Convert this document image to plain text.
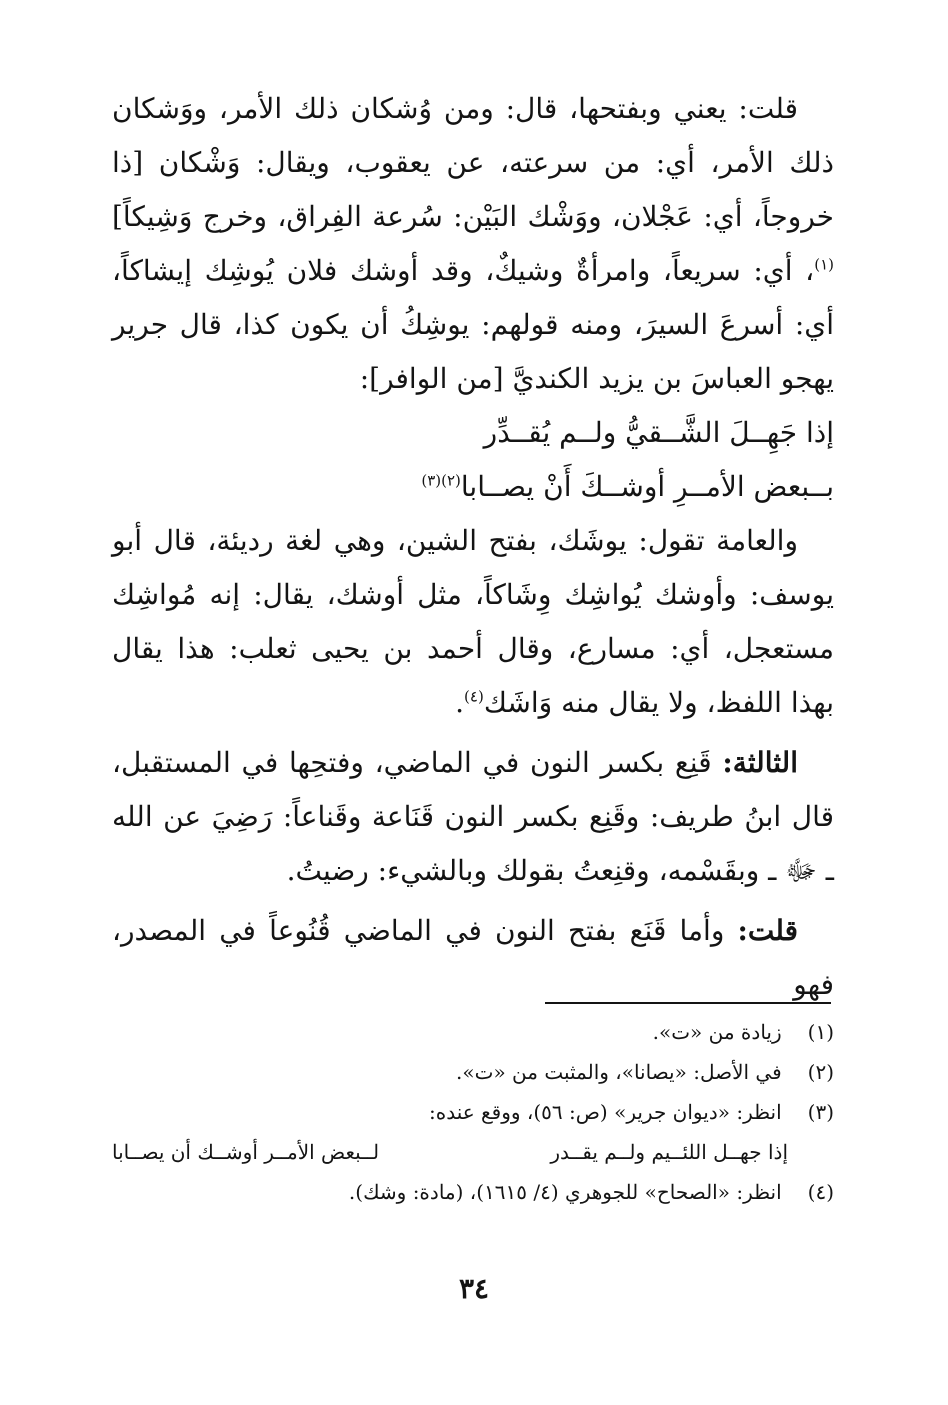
قلت: يعني وبفتحها، قال: ومن وُشكان ذلك الأمر، ووَشكان ذلك الأمر، أي: من سرعته، عن يعقوب، ويقال: وَشْكان [ذا خروجاً، أي: عَجْلان، ووَشْك البَيْن: سُرعة الفِراق، وخرج وَشِيكاً]$^{(١)}$، أي: سريعاً، وامرأةٌ وشيكٌ، وقد أوشك فلان يُوشِك إيشاكاً، أي: أسرعَ السيرَ، ومنه قولهم: يوشِكُ أن يكون كذا، قال جرير يهجو العباسَ بن يزيد الكنديَّ [من الوافر]:

إذا جَهِــلَ الشَّــقيُّ ولــم يُقــدِّر

بــبعض الأمــرِ أوشــكَ أَنْ يصــابا$^{(٢)(٣)}$

والعامة تقول: يوشَك، بفتح الشين، وهي لغة رديئة، قال أبو يوسف: وأوشك يُواشِك وِشَاكاً، مثل أوشك، يقال: إنه مُواشِك مستعجل، أي: مسارع، وقال أحمد بن يحيى ثعلب: هذا يقال بهذا اللفظ، ولا يقال منه وَاشَك$^{(٤)}$.

الثالثة: قَنِع بكسر النون في الماضي، وفتحِها في المستقبل، قال ابنُ طريف: وقَنِع بكسر النون قَنَاعة وقَناعاً: رَضِيَ عن الله ـ ﷻ ـ وبقَسْمه، وقنِعتُ بقولك وبالشيء: رضيتُ.

قلت: وأما قَنَع بفتح النون في الماضي قُنُوعاً في المصدر، فهو

(١) زيادة من «ت».
(٢) في الأصل: «يصانا»، والمثبت من «ت».
(٣) انظر: «ديوان جرير» (ص: ٥٦)، ووقع عنده:
إذا جهــل اللئــيم ولــم يقــدر
لــبعض الأمــر أوشــك أن يصــابا
(٤) انظر: «الصحاح» للجوهري (٤/ ١٦١٥)، (مادة: وشك).
٣٤
